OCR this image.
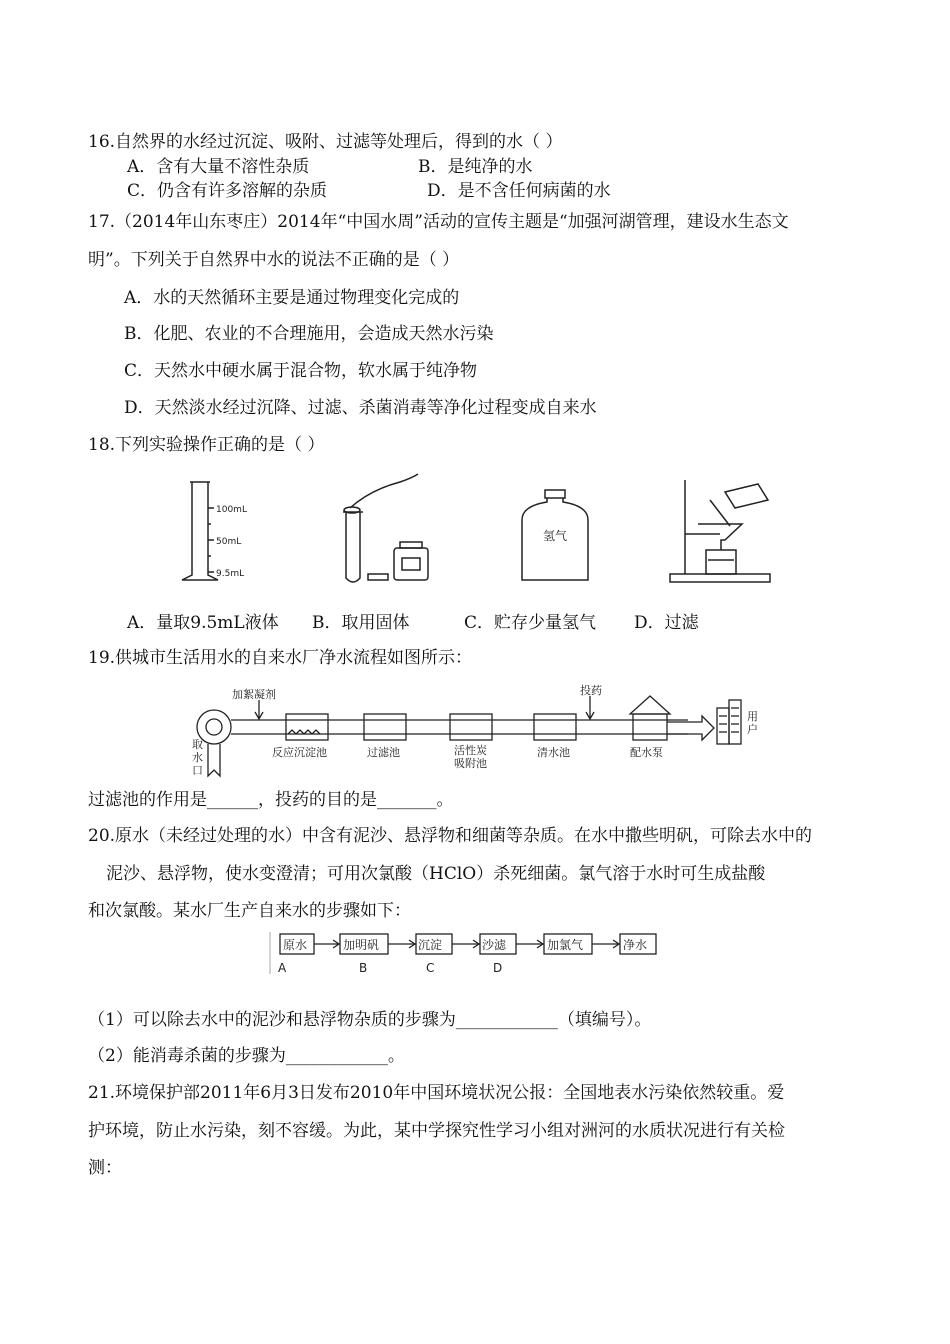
16.自然界的水经过沉淀、吸附、过滤等处理后，得到的水（ ）
A．含有大量不溶性杂质	B．是纯净的水
C．仍含有许多溶解的杂质	D．是不含任何病菌的水
17.（2014年山东枣庄）2014年“中国水周”活动的宣传主题是“加强河湖管理，建设水生态文
明”。下列关于自然界中水的说法不正确的是（ ）
A．水的天然循环主要是通过物理变化完成的
B．化肥、农业的不合理施用，会造成天然水污染
C．天然水中硬水属于混合物，软水属于纯净物
D．天然淡水经过沉降、过滤、杀菌消毒等净化过程变成自来水
18.下列实验操作正确的是（ ）
100mL
50mL
9.5mL
氢气
A．量取9.5mL液体 B．取用固体	C．贮存少量氢气 D．过滤
19.供城市生活用水的自来水厂净水流程如图所示：
加絮凝剂	投药
取
水
口
反应沉淀池	过滤池	活性炭
吸附池
清水池	配水泵
用
户
过滤池的作用是______，投药的目的是_______。
20.原水（未经过处理的水）中含有泥沙、悬浮物和细菌等杂质。在水中撒些明矾，可除去水中的
泥沙、悬浮物，使水变澄清；可用次氯酸（HClO）杀死细菌。氯气溶于水时可生成盐酸
和次氯酸。某水厂生产自来水的步骤如下：
原水	加明矾	沉淀	沙滤	加氯气	净水
A	B	C	D
（1）可以除去水中的泥沙和悬浮物杂质的步骤为____________（填编号）。
（2）能消毒杀菌的步骤为____________。
21.环境保护部2011年6月3日发布2010年中国环境状况公报：全国地表水污染依然较重。爱
护环境，防止水污染，刻不容缓。为此，某中学探究性学习小组对洲河的水质状况进行有关检
测：
